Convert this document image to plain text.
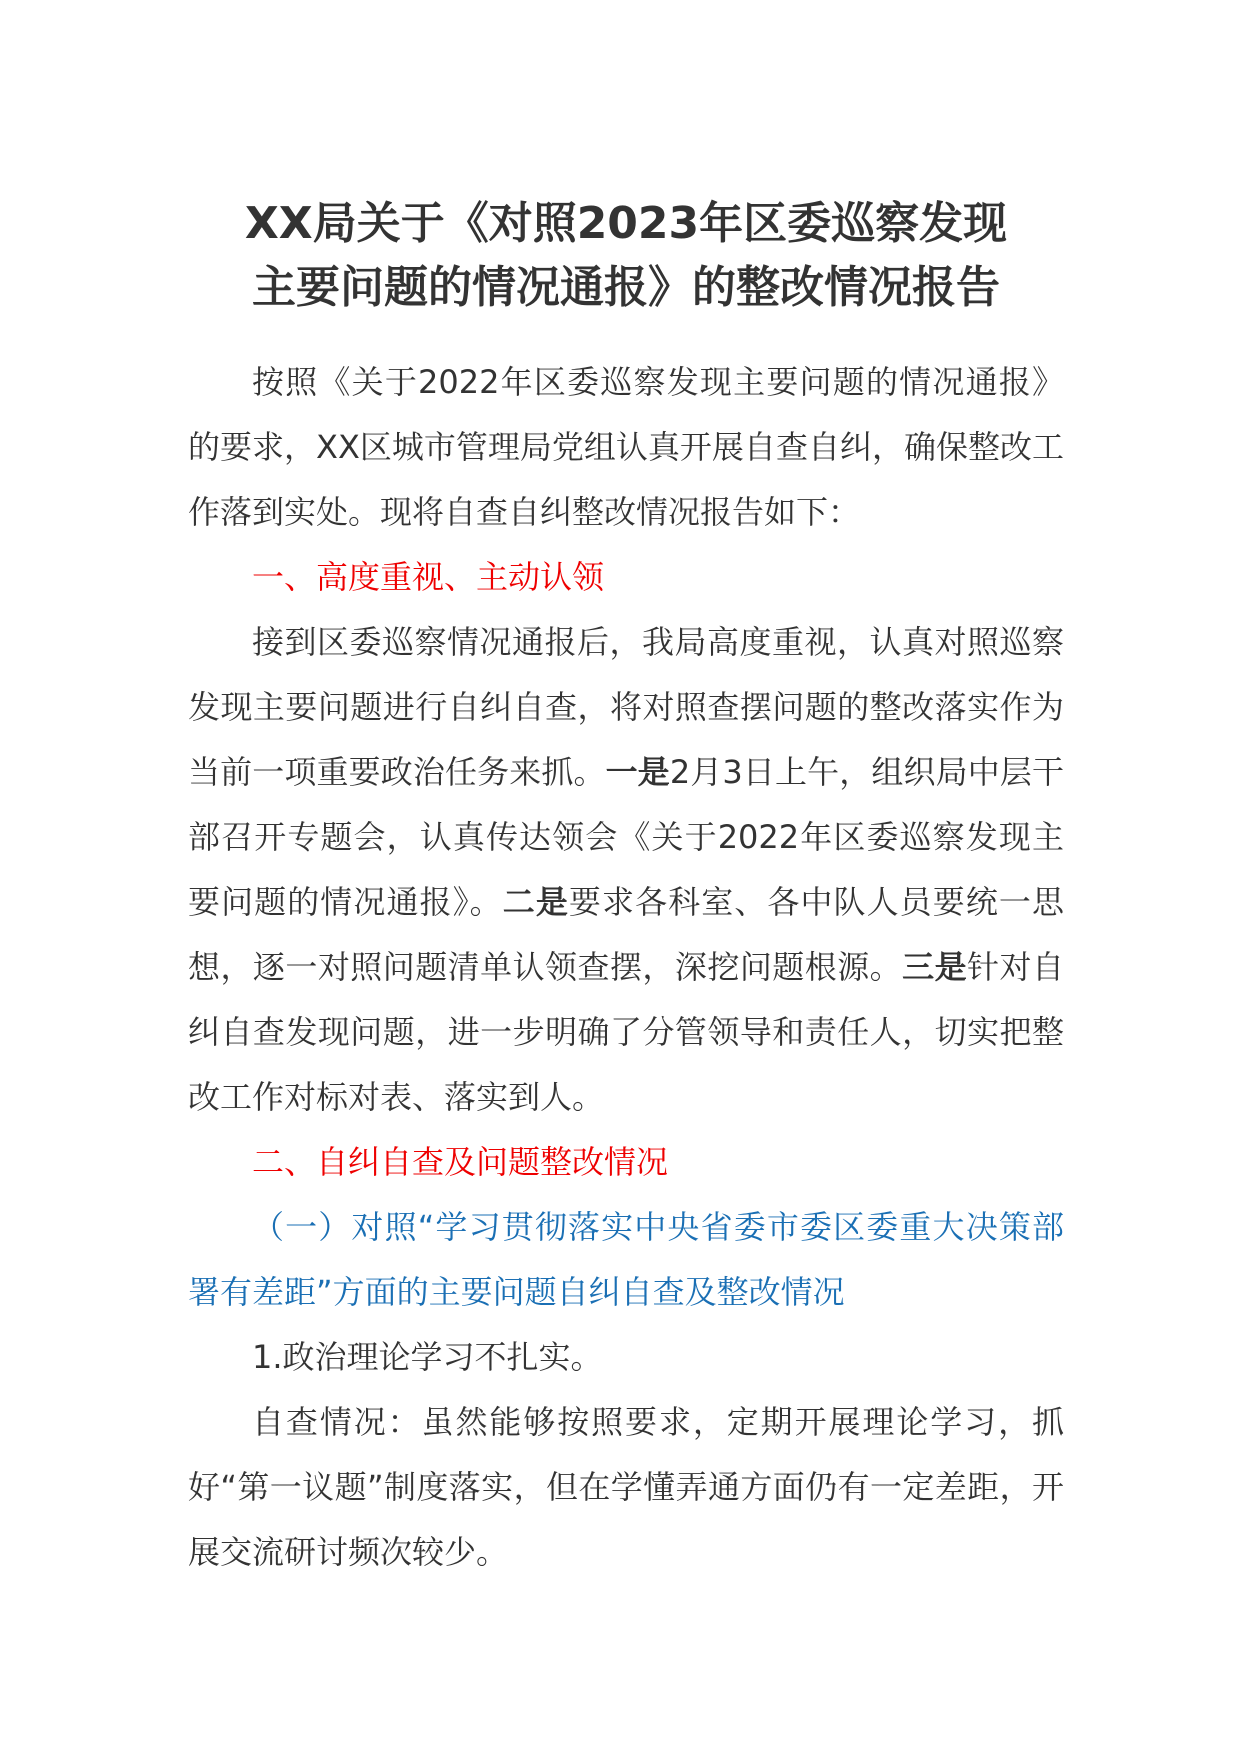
XX局关于《对照2023年区委巡察发现
主要问题的情况通报》的整改情况报告

按照《关于2022年区委巡察发现主要问题的情况通报》的要求，XX区城市管理局党组认真开展自查自纠，确保整改工作落到实处。现将自查自纠整改情况报告如下：

一、高度重视、主动认领

接到区委巡察情况通报后，我局高度重视，认真对照巡察发现主要问题进行自纠自查，将对照查摆问题的整改落实作为当前一项重要政治任务来抓。一是2月3日上午，组织局中层干部召开专题会，认真传达领会《关于2022年区委巡察发现主要问题的情况通报》。二是要求各科室、各中队人员要统一思想，逐一对照问题清单认领查摆，深挖问题根源。三是针对自纠自查发现问题，进一步明确了分管领导和责任人，切实把整改工作对标对表、落实到人。

二、自纠自查及问题整改情况

（一）对照“学习贯彻落实中央省委市委区委重大决策部署有差距”方面的主要问题自纠自查及整改情况

1.政治理论学习不扎实。

自查情况：虽然能够按照要求，定期开展理论学习，抓好“第一议题”制度落实，但在学懂弄通方面仍有一定差距，开展交流研讨频次较少。
